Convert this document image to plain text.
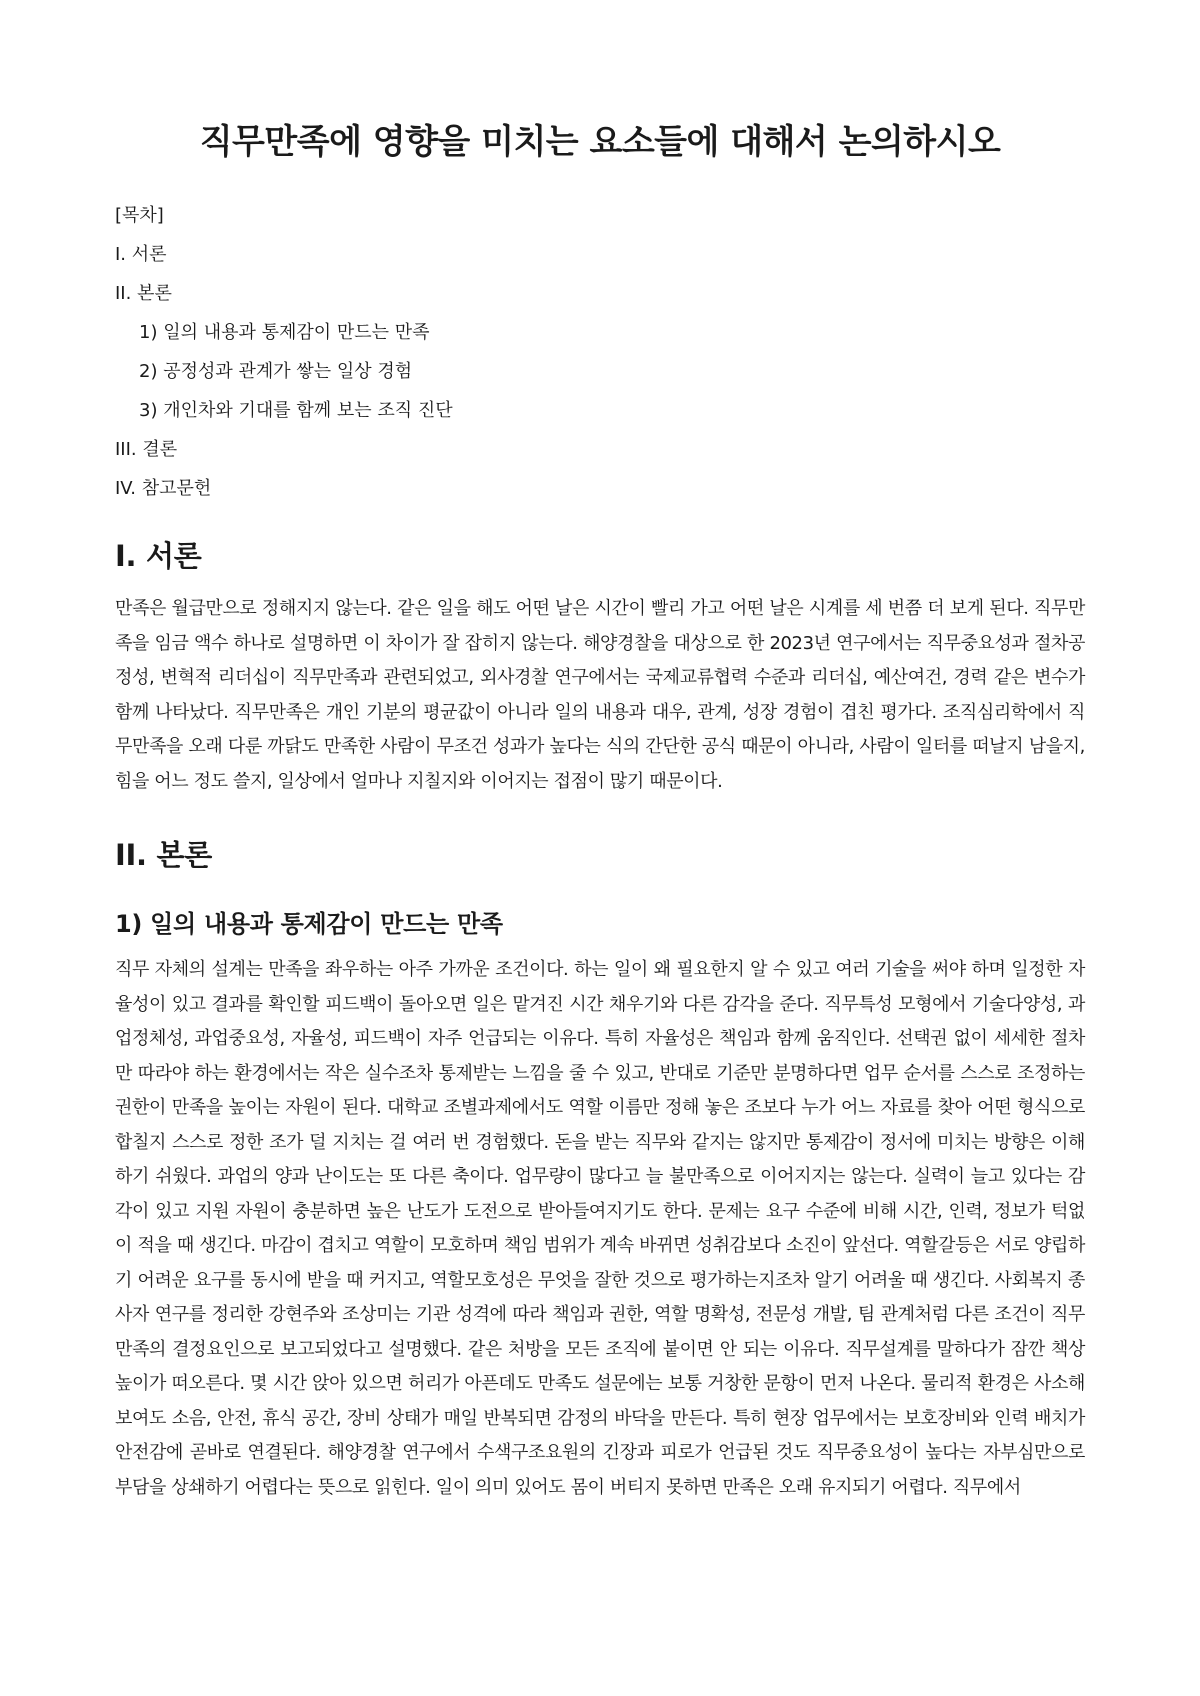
직무만족에 영향을 미치는 요소들에 대해서 논의하시오
[목차]
I. 서론
II. 본론
1) 일의 내용과 통제감이 만드는 만족
2) 공정성과 관계가 쌓는 일상 경험
3) 개인차와 기대를 함께 보는 조직 진단
III. 결론
IV. 참고문헌
I. 서론

만족은 월급만으로 정해지지 않는다. 같은 일을 해도 어떤 날은 시간이 빨리 가고 어떤 날은 시계를 세 번쯤 더 보게 된다. 직무만족을 임금 액수 하나로 설명하면 이 차이가 잘 잡히지 않는다. 해양경찰을 대상으로 한 2023년 연구에서는 직무중요성과 절차공정성, 변혁적 리더십이 직무만족과 관련되었고, 외사경찰 연구에서는 국제교류협력 수준과 리더십, 예산여건, 경력 같은 변수가 함께 나타났다. 직무만족은 개인 기분의 평균값이 아니라 일의 내용과 대우, 관계, 성장 경험이 겹친 평가다. 조직심리학에서 직무만족을 오래 다룬 까닭도 만족한 사람이 무조건 성과가 높다는 식의 간단한 공식 때문이 아니라, 사람이 일터를 떠날지 남을지, 힘을 어느 정도 쓸지, 일상에서 얼마나 지칠지와 이어지는 접점이 많기 때문이다.

II. 본론
1) 일의 내용과 통제감이 만드는 만족

직무 자체의 설계는 만족을 좌우하는 아주 가까운 조건이다. 하는 일이 왜 필요한지 알 수 있고 여러 기술을 써야 하며 일정한 자율성이 있고 결과를 확인할 피드백이 돌아오면 일은 맡겨진 시간 채우기와 다른 감각을 준다. 직무특성 모형에서 기술다양성, 과업정체성, 과업중요성, 자율성, 피드백이 자주 언급되는 이유다. 특히 자율성은 책임과 함께 움직인다. 선택권 없이 세세한 절차만 따라야 하는 환경에서는 작은 실수조차 통제받는 느낌을 줄 수 있고, 반대로 기준만 분명하다면 업무 순서를 스스로 조정하는 권한이 만족을 높이는 자원이 된다. 대학교 조별과제에서도 역할 이름만 정해 놓은 조보다 누가 어느 자료를 찾아 어떤 형식으로 합칠지 스스로 정한 조가 덜 지치는 걸 여러 번 경험했다. 돈을 받는 직무와 같지는 않지만 통제감이 정서에 미치는 방향은 이해하기 쉬웠다. 과업의 양과 난이도는 또 다른 축이다. 업무량이 많다고 늘 불만족으로 이어지지는 않는다. 실력이 늘고 있다는 감각이 있고 지원 자원이 충분하면 높은 난도가 도전으로 받아들여지기도 한다. 문제는 요구 수준에 비해 시간, 인력, 정보가 턱없이 적을 때 생긴다. 마감이 겹치고 역할이 모호하며 책임 범위가 계속 바뀌면 성취감보다 소진이 앞선다. 역할갈등은 서로 양립하기 어려운 요구를 동시에 받을 때 커지고, 역할모호성은 무엇을 잘한 것으로 평가하는지조차 알기 어려울 때 생긴다. 사회복지 종사자 연구를 정리한 강현주와 조상미는 기관 성격에 따라 책임과 권한, 역할 명확성, 전문성 개발, 팀 관계처럼 다른 조건이 직무만족의 결정요인으로 보고되었다고 설명했다. 같은 처방을 모든 조직에 붙이면 안 되는 이유다. 직무설계를 말하다가 잠깐 책상 높이가 떠오른다. 몇 시간 앉아 있으면 허리가 아픈데도 만족도 설문에는 보통 거창한 문항이 먼저 나온다. 물리적 환경은 사소해 보여도 소음, 안전, 휴식 공간, 장비 상태가 매일 반복되면 감정의 바닥을 만든다. 특히 현장 업무에서는 보호장비와 인력 배치가 안전감에 곧바로 연결된다. 해양경찰 연구에서 수색구조요원의 긴장과 피로가 언급된 것도 직무중요성이 높다는 자부심만으로 부담을 상쇄하기 어렵다는 뜻으로 읽힌다. 일이 의미 있어도 몸이 버티지 못하면 만족은 오래 유지되기 어렵다. 직무에서
